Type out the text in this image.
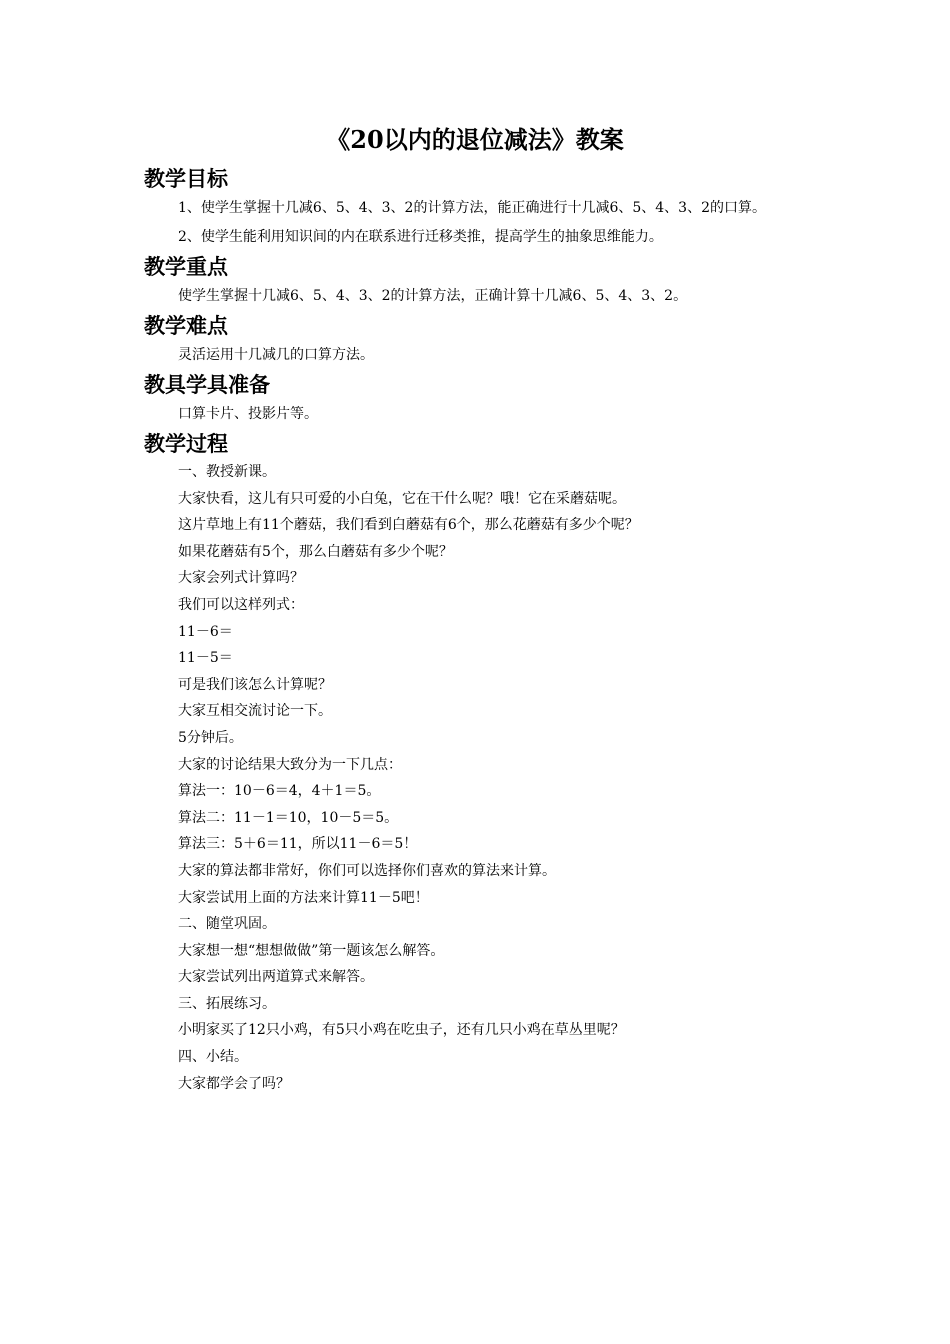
《20以内的退位减法》教案
教学目标

1、使学生掌握十几减6、5、4、3、2的计算方法，能正确进行十几减6、5、4、3、2的口算。

2、使学生能利用知识间的内在联系进行迁移类推，提高学生的抽象思维能力。

教学重点

使学生掌握十几减6、5、4、3、2的计算方法，正确计算十几减6、5、4、3、2。

教学难点

灵活运用十几减几的口算方法。

教具学具准备

口算卡片、投影片等。

教学过程

一、教授新课。

大家快看，这儿有只可爱的小白兔，它在干什么呢？哦！它在采蘑菇呢。

这片草地上有11个蘑菇，我们看到白蘑菇有6个，那么花蘑菇有多少个呢？

如果花蘑菇有5个，那么白蘑菇有多少个呢？

大家会列式计算吗？

我们可以这样列式：

11－6＝

11－5＝

可是我们该怎么计算呢？

大家互相交流讨论一下。

5分钟后。

大家的讨论结果大致分为一下几点：

算法一：10－6＝4，4＋1＝5。

算法二：11－1＝10，10－5＝5。

算法三：5＋6＝11，所以11－6＝5！

大家的算法都非常好，你们可以选择你们喜欢的算法来计算。

大家尝试用上面的方法来计算11－5吧！

二、随堂巩固。

大家想一想“想想做做”第一题该怎么解答。

大家尝试列出两道算式来解答。

三、拓展练习。

小明家买了12只小鸡，有5只小鸡在吃虫子，还有几只小鸡在草丛里呢？

四、小结。

大家都学会了吗？
